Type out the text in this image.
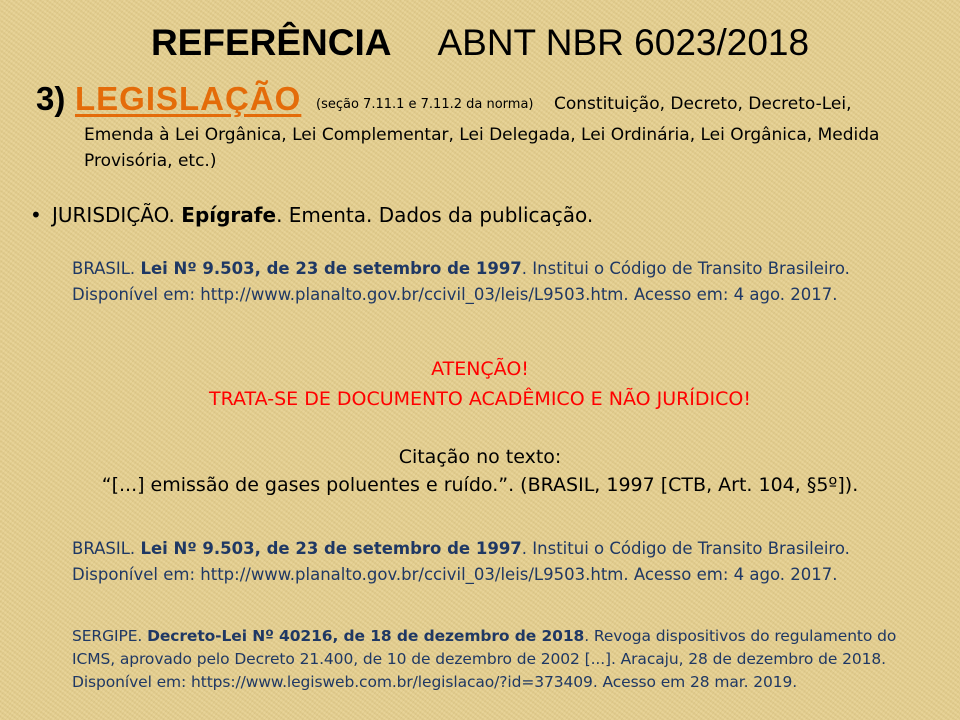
REFERÊNCIA ABNT NBR 6023/2018
3) LEGISLAÇÃO (seção 7.11.1 e 7.11.2 da norma) Constituição, Decreto, Decreto-Lei,
Emenda à Lei Orgânica, Lei Complementar, Lei Delegada, Lei Ordinária, Lei Orgânica, Medida Provisória, etc.)
• JURISDIÇÃO. Epígrafe. Ementa. Dados da publicação.
BRASIL. Lei Nº 9.503, de 23 de setembro de 1997. Institui o Código de Transito Brasileiro. Disponível em: http://www.planalto.gov.br/ccivil_03/leis/L9503.htm. Acesso em: 4 ago. 2017.
ATENÇÃO!
TRATA-SE DE DOCUMENTO ACADÊMICO E NÃO JURÍDICO!
Citação no texto:
“[...] emissão de gases poluentes e ruído.”. (BRASIL, 1997 [CTB, Art. 104, §5º]).
BRASIL. Lei Nº 9.503, de 23 de setembro de 1997. Institui o Código de Transito Brasileiro. Disponível em: http://www.planalto.gov.br/ccivil_03/leis/L9503.htm. Acesso em: 4 ago. 2017.
SERGIPE. Decreto-Lei Nº 40216, de 18 de dezembro de 2018. Revoga dispositivos do regulamento do ICMS, aprovado pelo Decreto 21.400, de 10 de dezembro de 2002 [...]. Aracaju, 28 de dezembro de 2018. Disponível em: https://www.legisweb.com.br/legislacao/?id=373409. Acesso em 28 mar. 2019.
